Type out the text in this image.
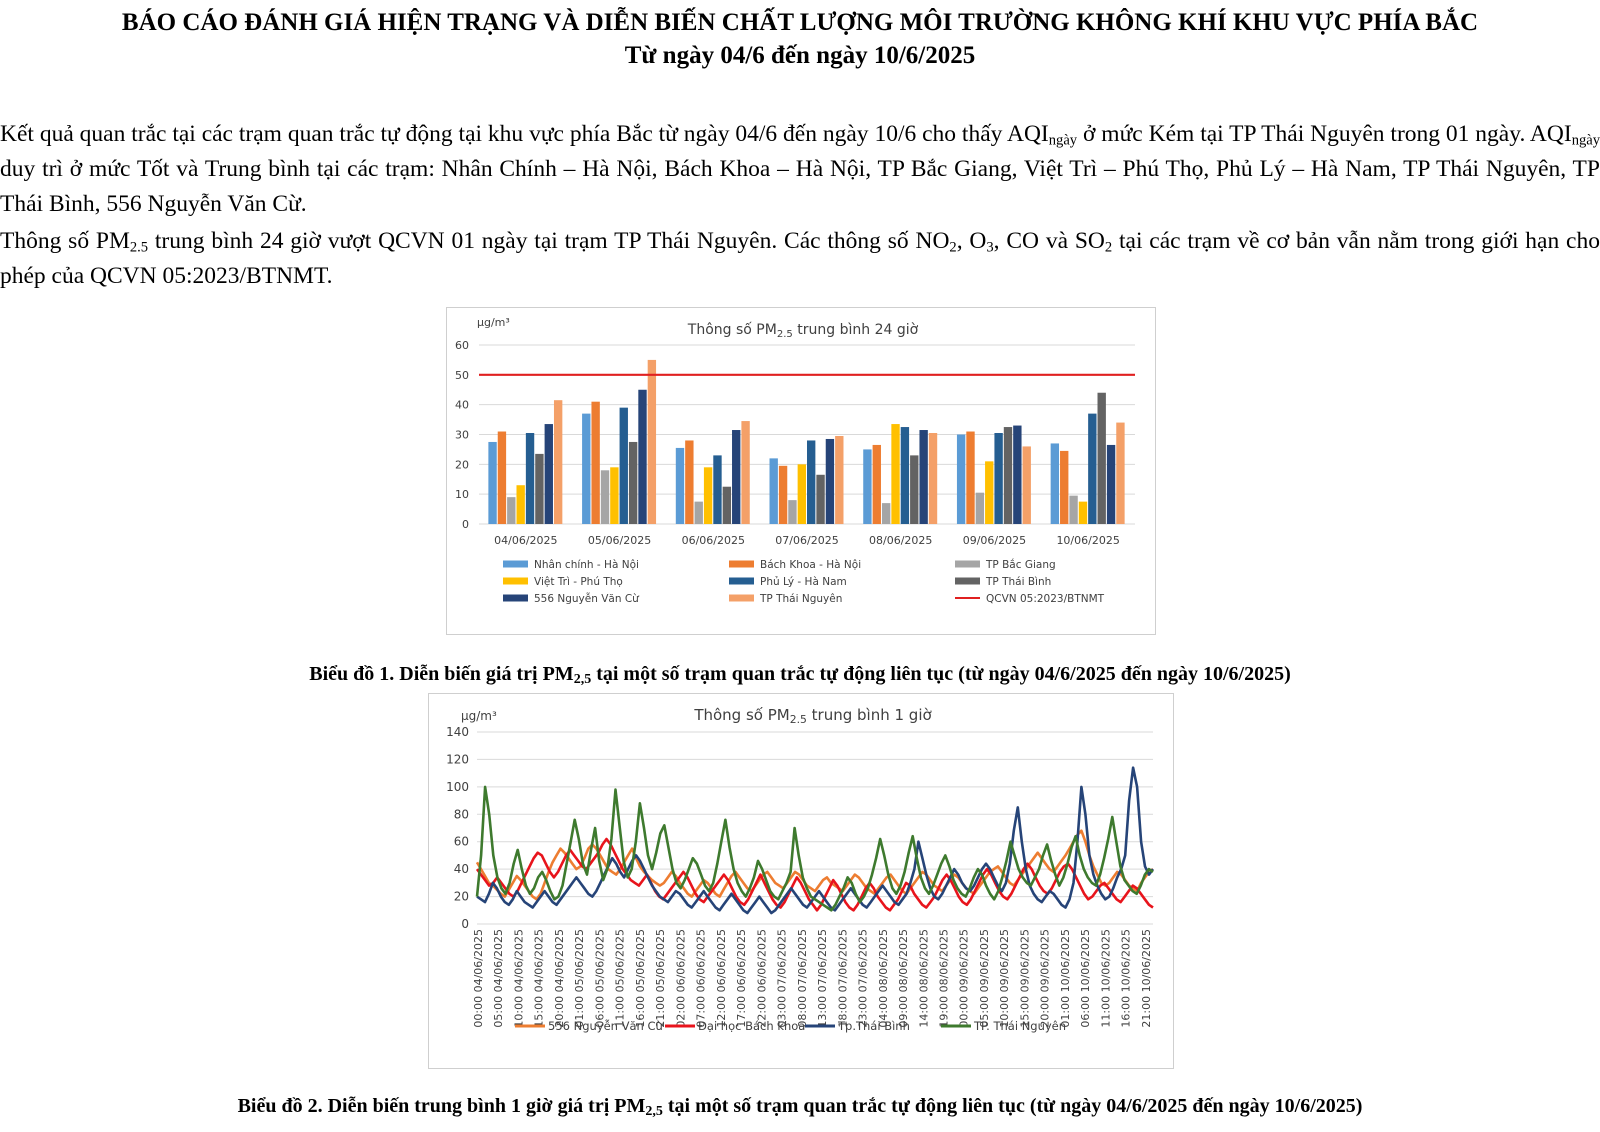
BÁO CÁO ĐÁNH GIÁ HIỆN TRẠNG VÀ DIỄN BIẾN CHẤT LƯỢNG MÔI TRƯỜNG KHÔNG KHÍ KHU VỰC PHÍA BẮC
Từ ngày 04/6 đến ngày 10/6/2025

Kết quả quan trắc tại các trạm quan trắc tự động tại khu vực phía Bắc từ ngày 04/6 đến ngày 10/6 cho thấy $AQI_{ngày}$ ở mức Kém tại TP Thái Nguyên trong 01 ngày. $AQI_{ngày}$ duy trì ở mức Tốt và Trung bình tại các trạm: Nhân Chính – Hà Nội, Bách Khoa – Hà Nội, TP Bắc Giang, Việt Trì – Phú Thọ, Phủ Lý – Hà Nam, TP Thái Nguyên, TP Thái Bình, 556 Nguyễn Văn Cừ.

Thông số $PM_{2.5}$ trung bình 24 giờ vượt QCVN 01 ngày tại trạm TP Thái Nguyên. Các thông số $NO_2$, $O_3$, CO và $SO_2$ tại các trạm về cơ bản vẫn nằm trong giới hạn cho phép của QCVN 05:2023/BTNMT.

µg/m³	Thông số $PM_{2.5}$ trung bình 24 giờ
0
10
20
30
40
50
60
04/06/2025	05/06/2025	06/06/2025	07/06/2025	08/06/2025	09/06/2025	10/06/2025
Nhân chính - Hà Nội	Bách Khoa - Hà Nội	TP Bắc Giang
Việt Trì - Phú Thọ	Phủ Lý - Hà Nam	TP Thái Bình
556 Nguyễn Văn Cừ	TP Thái Nguyên	QCVN 05:2023/BTNMT
Biểu đồ 1. Diễn biến giá trị $PM_{2,5}$ tại một số trạm quan trắc tự động liên tục (từ ngày 04/6/2025 đến ngày 10/6/2025)
µg/m³	Thông số $PM_{2.5}$ trung bình 1 giờ
0
20
40
60
80
100
120
140
00:00 04/06/2025 05:00 04/06/2025 10:00 04/06/2025 15:00 04/06/2025 20:00 04/06/2025 01:00 05/06/2025 06:00 05/06/2025 11:00 05/06/2025 16:00 05/06/2025 21:00 05/06/2025 02:00 06/06/2025 07:00 06/06/2025 12:00 06/06/2025 17:00 06/06/2025 22:00 06/06/2025 03:00 07/06/2025 08:00 07/06/2025 13:00 07/06/2025 18:00 07/06/2025 23:00 07/06/2025 04:00 08/06/2025 09:00 08/06/2025 14:00 08/06/2025 19:00 08/06/2025 00:00 09/06/2025 05:00 09/06/2025 10:00 09/06/2025 15:00 09/06/2025 20:00 09/06/2025 01:00 10/06/2025 06:00 10/06/2025 11:00 10/06/2025 16:00 10/06/2025 21:00 10/06/2025
556 Nguyễn Văn Cừ	Đại học Bách khoa	Tp.Thái Bình	TP. Thái Nguyên
Biểu đồ 2. Diễn biến trung bình 1 giờ giá trị $PM_{2,5}$ tại một số trạm quan trắc tự động liên tục (từ ngày 04/6/2025 đến ngày 10/6/2025)
